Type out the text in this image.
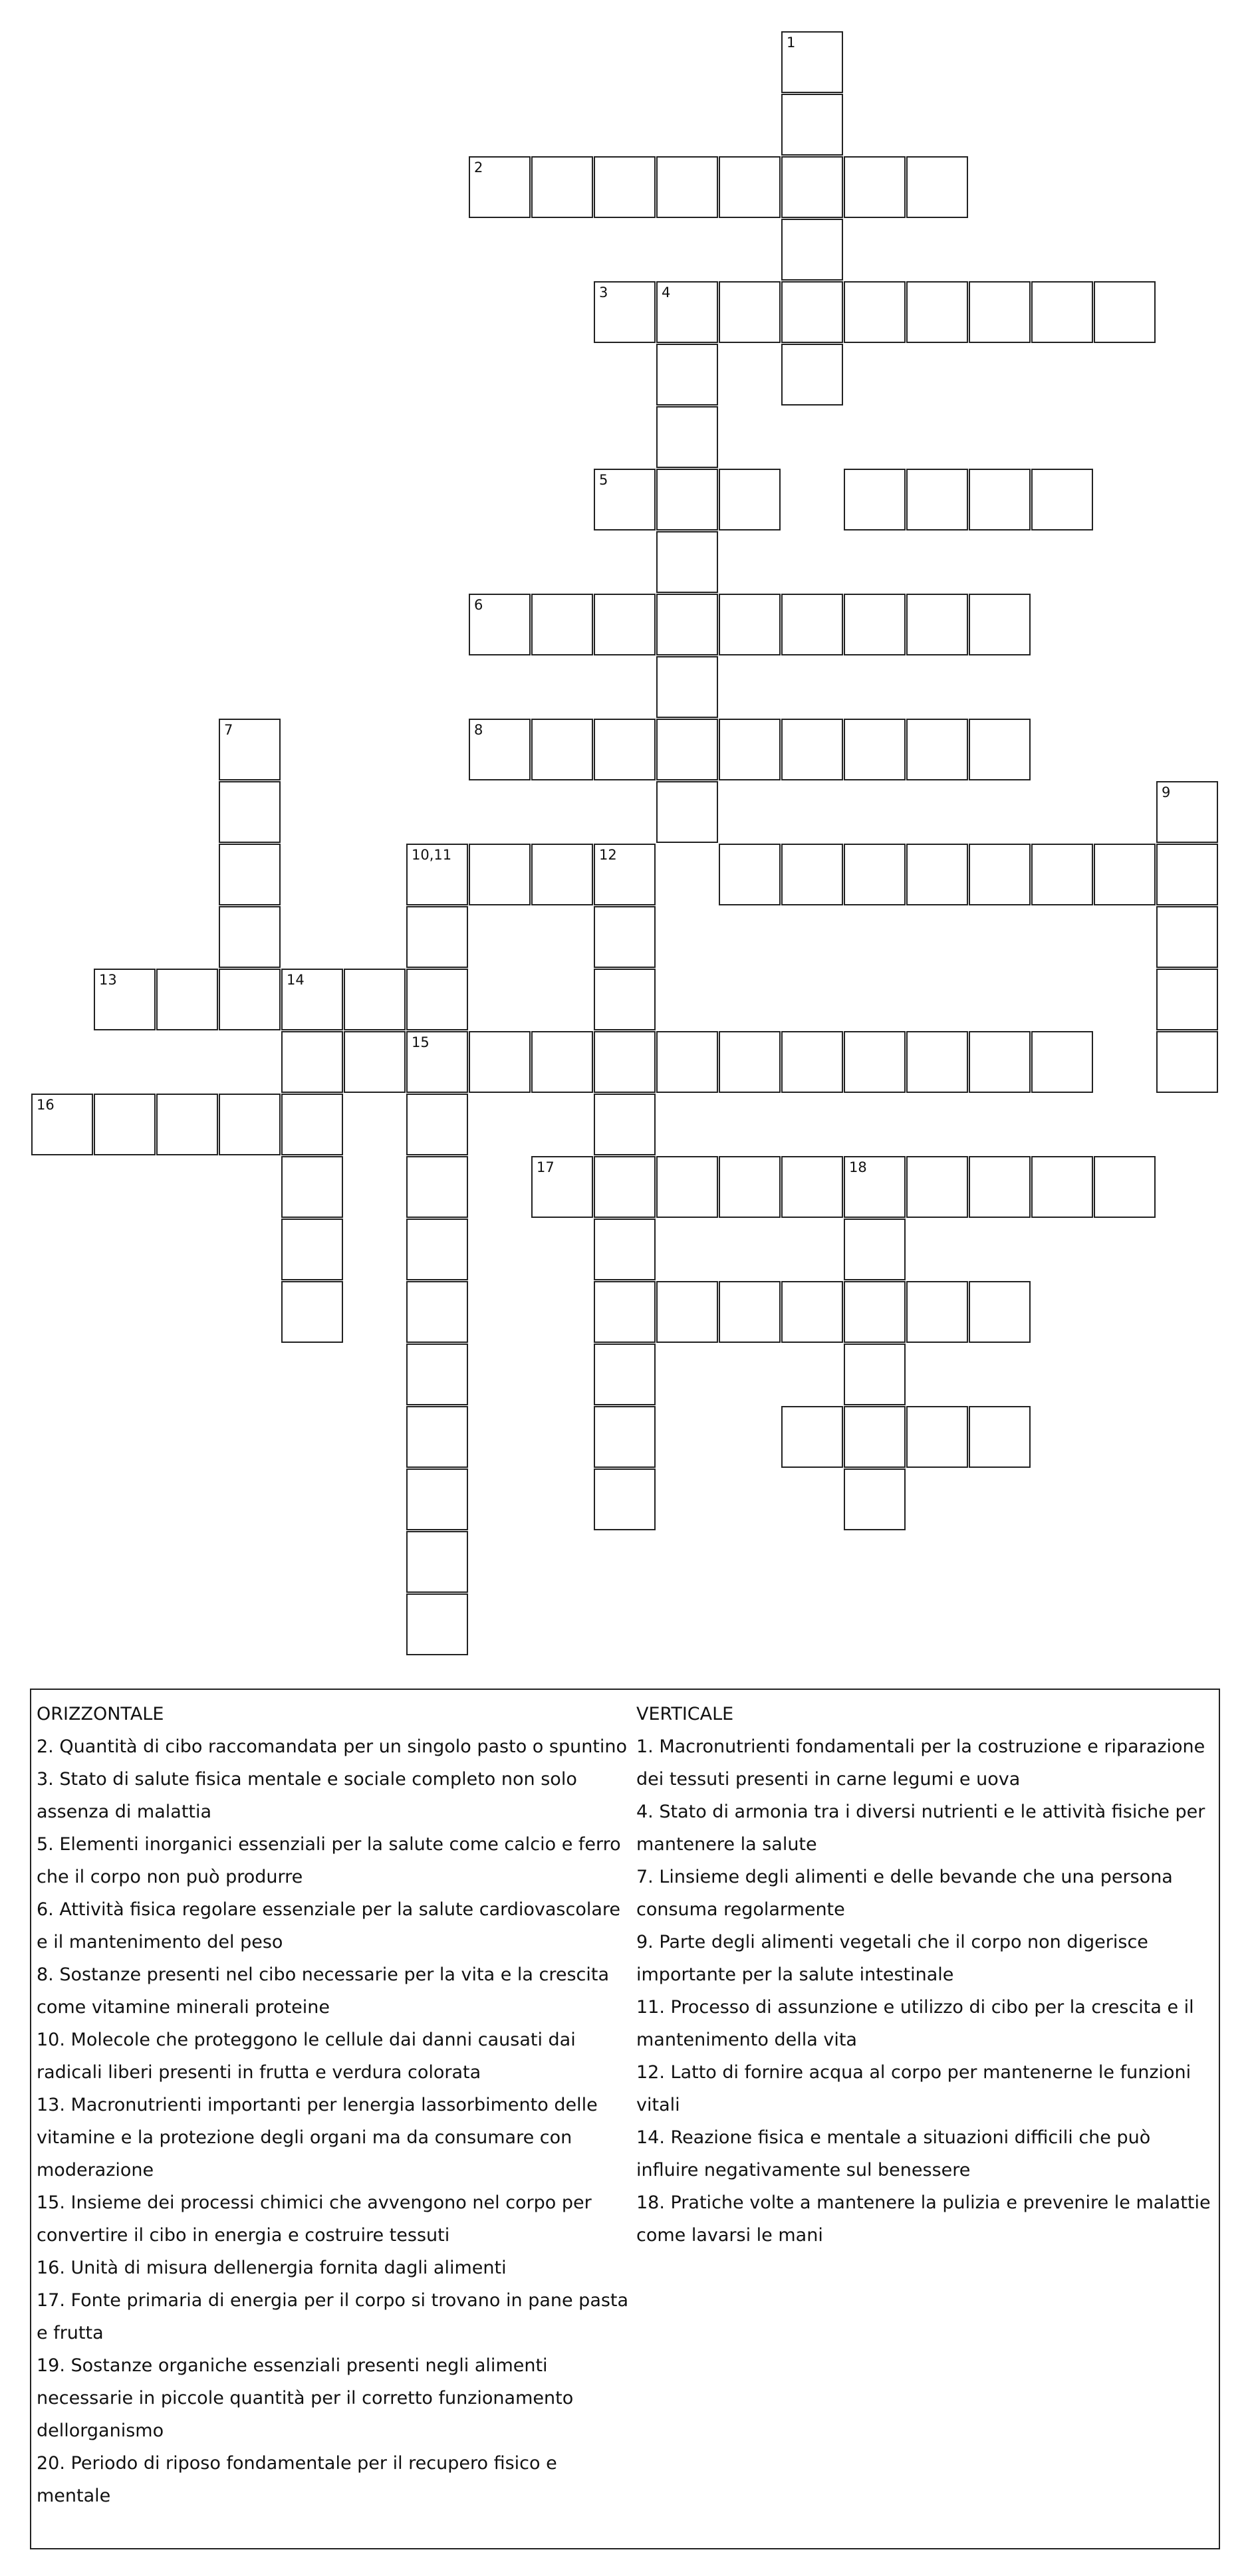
1
2
3	4
5
6
8
7
9
10,11	12
15
13	14
16
17	18

ORIZZONTALE

2. Quantità di cibo raccomandata per un singolo pasto o spuntino

3. Stato di salute fisica mentale e sociale completo non solo assenza di malattia

5. Elementi inorganici essenziali per la salute come calcio e ferro che il corpo non può produrre

6. Attività fisica regolare essenziale per la salute cardiovascolare e il mantenimento del peso

8. Sostanze presenti nel cibo necessarie per la vita e la crescita come vitamine minerali proteine

10. Molecole che proteggono le cellule dai danni causati dai radicali liberi presenti in frutta e verdura colorata

13. Macronutrienti importanti per lenergia lassorbimento delle vitamine e la protezione degli organi ma da consumare con moderazione

15. Insieme dei processi chimici che avvengono nel corpo per convertire il cibo in energia e costruire tessuti

16. Unità di misura dellenergia fornita dagli alimenti

17. Fonte primaria di energia per il corpo si trovano in pane pasta e frutta

19. Sostanze organiche essenziali presenti negli alimenti necessarie in piccole quantità per il corretto funzionamento dellorganismo

20. Periodo di riposo fondamentale per il recupero fisico e mentale

VERTICALE

1. Macronutrienti fondamentali per la costruzione e riparazione dei tessuti presenti in carne legumi e uova

4. Stato di armonia tra i diversi nutrienti e le attività fisiche per mantenere la salute

7. Linsieme degli alimenti e delle bevande che una persona consuma regolarmente

9. Parte degli alimenti vegetali che il corpo non digerisce importante per la salute intestinale

11. Processo di assunzione e utilizzo di cibo per la crescita e il mantenimento della vita

12. Latto di fornire acqua al corpo per mantenerne le funzioni vitali

14. Reazione fisica e mentale a situazioni difficili che può influire negativamente sul benessere

18. Pratiche volte a mantenere la pulizia e prevenire le malattie come lavarsi le mani
